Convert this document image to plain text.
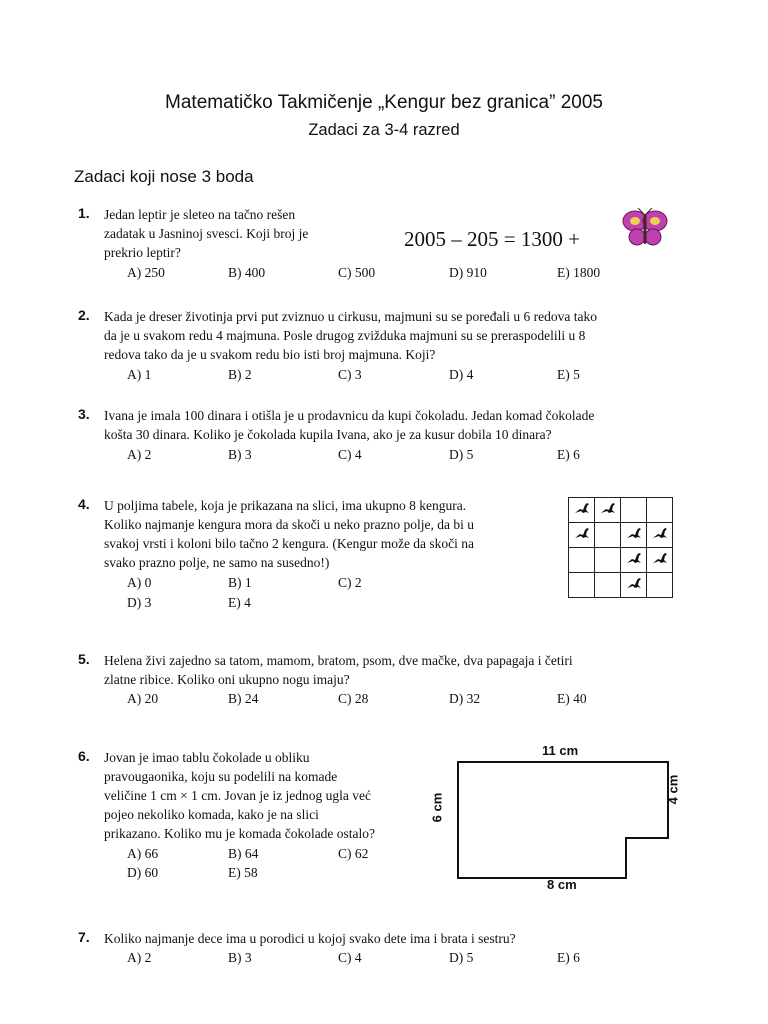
Matematičko Takmičenje „Kengur bez granica” 2005
Zadaci za 3-4 razred
Zadaci koji nose 3 boda
1. Jedan leptir je sleteo na tačno rešen
zadatak u Jasninoj svesci. Koji broj je
prekrio leptir?
2005 – 205 = 1300 +
A) 250	B) 400	C) 500	D) 910	E) 1800
2. Kada je dreser životinja prvi put zviznuo u cirkusu, majmuni su se poređali u 6 redova tako
da je u svakom redu 4 majmuna. Posle drugog zvižduka majmuni su se preraspodelili u 8
redova tako da je u svakom redu bio isti broj majmuna. Koji?
A) 1	B) 2	C) 3	D) 4	E) 5
3. Ivana je imala 100 dinara i otišla je u prodavnicu da kupi čokoladu. Jedan komad čokolade
košta 30 dinara. Koliko je čokolada kupila Ivana, ako je za kusur dobila 10 dinara?
A) 2	B) 3	C) 4	D) 5	E) 6
4. U poljima tabele, koja je prikazana na slici, ima ukupno 8 kengura.
Koliko najmanje kengura mora da skoči u neko prazno polje, da bi u
svakoj vrsti i koloni bilo tačno 2 kengura. (Kengur može da skoči na
svako prazno polje, ne samo na susedno!)
A) 0	B) 1	C) 2
D) 3	E) 4

5. Helena živi zajedno sa tatom, mamom, bratom, psom, dve mačke, dva papagaja i četiri
zlatne ribice. Koliko oni ukupno nogu imaju?
A) 20	B) 24	C) 28	D) 32	E) 40
6. Jovan je imao tablu čokolade u obliku
pravougaonika, koju su podelili na komade
veličine 1 cm × 1 cm. Jovan je iz jednog ugla već
pojeo nekoliko komada, kako je na slici
prikazano. Koliko mu je komada čokolade ostalo?
A) 66	B) 64	C) 62
D) 60	E) 58
11 cm
8 cm
6 cm
4 cm
7. Koliko najmanje dece ima u porodici u kojoj svako dete ima i brata i sestru?
A) 2	B) 3	C) 4	D) 5	E) 6
